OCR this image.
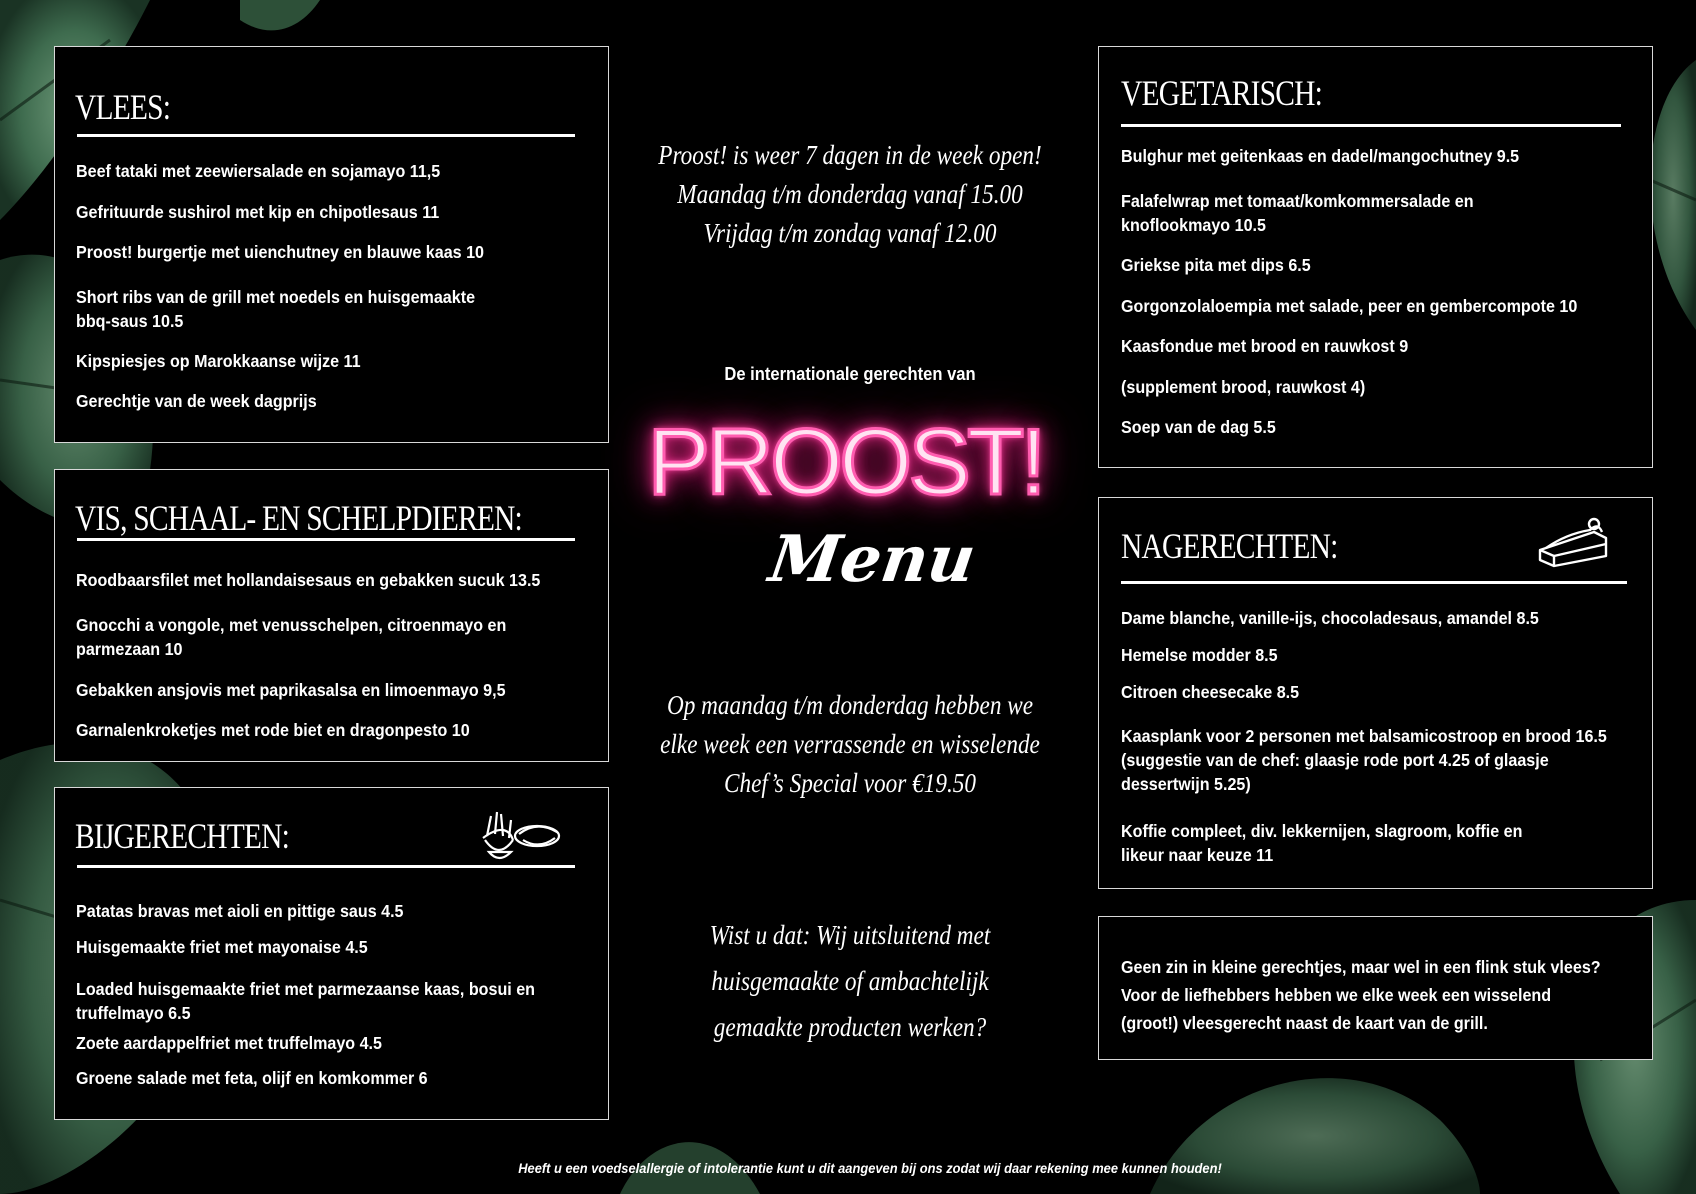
VLEES:

Beef tataki met zeewiersalade en sojamayo 11,5

Gefrituurde sushirol met kip en chipotlesaus 11

Proost! burgertje met uienchutney en blauwe kaas 10

Short ribs van de grill met noedels en huisgemaakte
bbq-saus 10.5

Kipspiesjes op Marokkaanse wijze 11

Gerechtje van de week dagprijs

VIS, SCHAAL- EN SCHELPDIEREN:

Roodbaarsfilet met hollandaisesaus en gebakken sucuk 13.5

Gnocchi a vongole, met venusschelpen, citroenmayo en
parmezaan 10

Gebakken ansjovis met paprikasalsa en limoenmayo 9,5

Garnalenkroketjes met rode biet en dragonpesto 10

BIJGERECHTEN:

Patatas bravas met aioli en pittige saus 4.5

Huisgemaakte friet met mayonaise 4.5

Loaded huisgemaakte friet met parmezaanse kaas, bosui en
truffelmayo 6.5

Zoete aardappelfriet met truffelmayo 4.5

Groene salade met feta, olijf en komkommer 6

VEGETARISCH:

Bulghur met geitenkaas en dadel/mangochutney 9.5

Falafelwrap met tomaat/komkommersalade en
knoflookmayo 10.5

Griekse pita met dips 6.5

Gorgonzolaloempia met salade, peer en gembercompote 10

Kaasfondue met brood en rauwkost 9

(supplement brood, rauwkost 4)

Soep van de dag 5.5

NAGERECHTEN:

Dame blanche, vanille-ijs, chocoladesaus, amandel 8.5

Hemelse modder 8.5

Citroen cheesecake 8.5

Kaasplank voor 2 personen met balsamicostroop en brood 16.5
(suggestie van de chef: glaasje rode port 4.25 of glaasje
dessertwijn 5.25)

Koffie compleet, div. lekkernijen, slagroom, koffie en
likeur naar keuze 11

Geen zin in kleine gerechtjes, maar wel in een flink stuk vlees?
Voor de liefhebbers hebben we elke week een wisselend
(groot!) vleesgerecht naast de kaart van de grill.

Proost! is weer 7 dagen in de week open!
Maandag t/m donderdag vanaf 15.00
Vrijdag t/m zondag vanaf 12.00
De internationale gerechten van
PROOST!
Menu
Op maandag t/m donderdag hebben we
elke week een verrassende en wisselende
Chef’s Special voor €19.50
Wist u dat: Wij uitsluitend met
huisgemaakte of ambachtelijk
gemaakte producten werken?
Heeft u een voedselallergie of intolerantie kunt u dit aangeven bij ons zodat wij daar rekening mee kunnen houden!
